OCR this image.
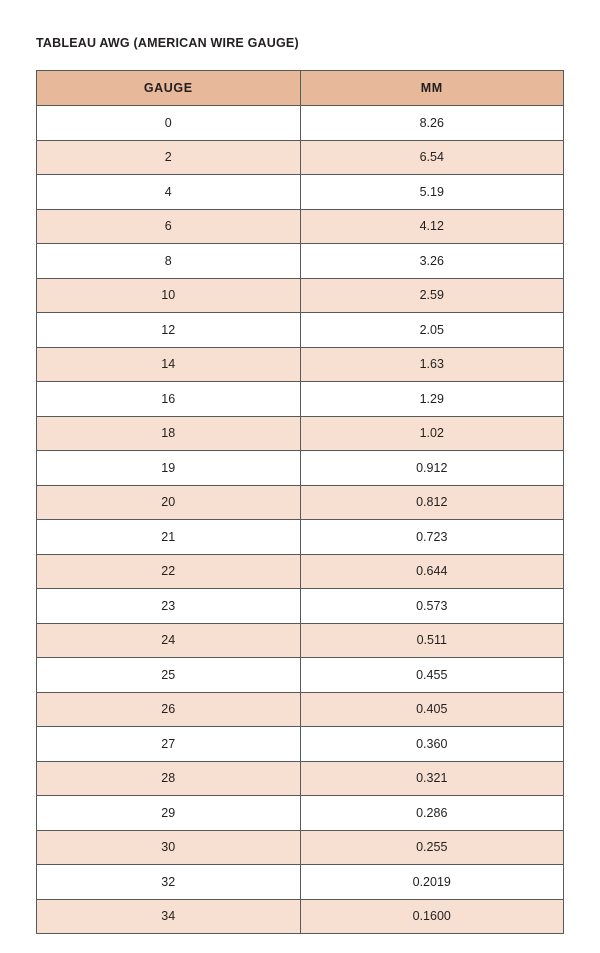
TABLEAU AWG (AMERICAN WIRE GAUGE)
GAUGE	MM
0	8.26
2	6.54
4	5.19
6	4.12
8	3.26
10	2.59
12	2.05
14	1.63
16	1.29
18	1.02
19	0.912
20	0.812
21	0.723
22	0.644
23	0.573
24	0.511
25	0.455
26	0.405
27	0.360
28	0.321
29	0.286
30	0.255
32	0.2019
34	0.1600
